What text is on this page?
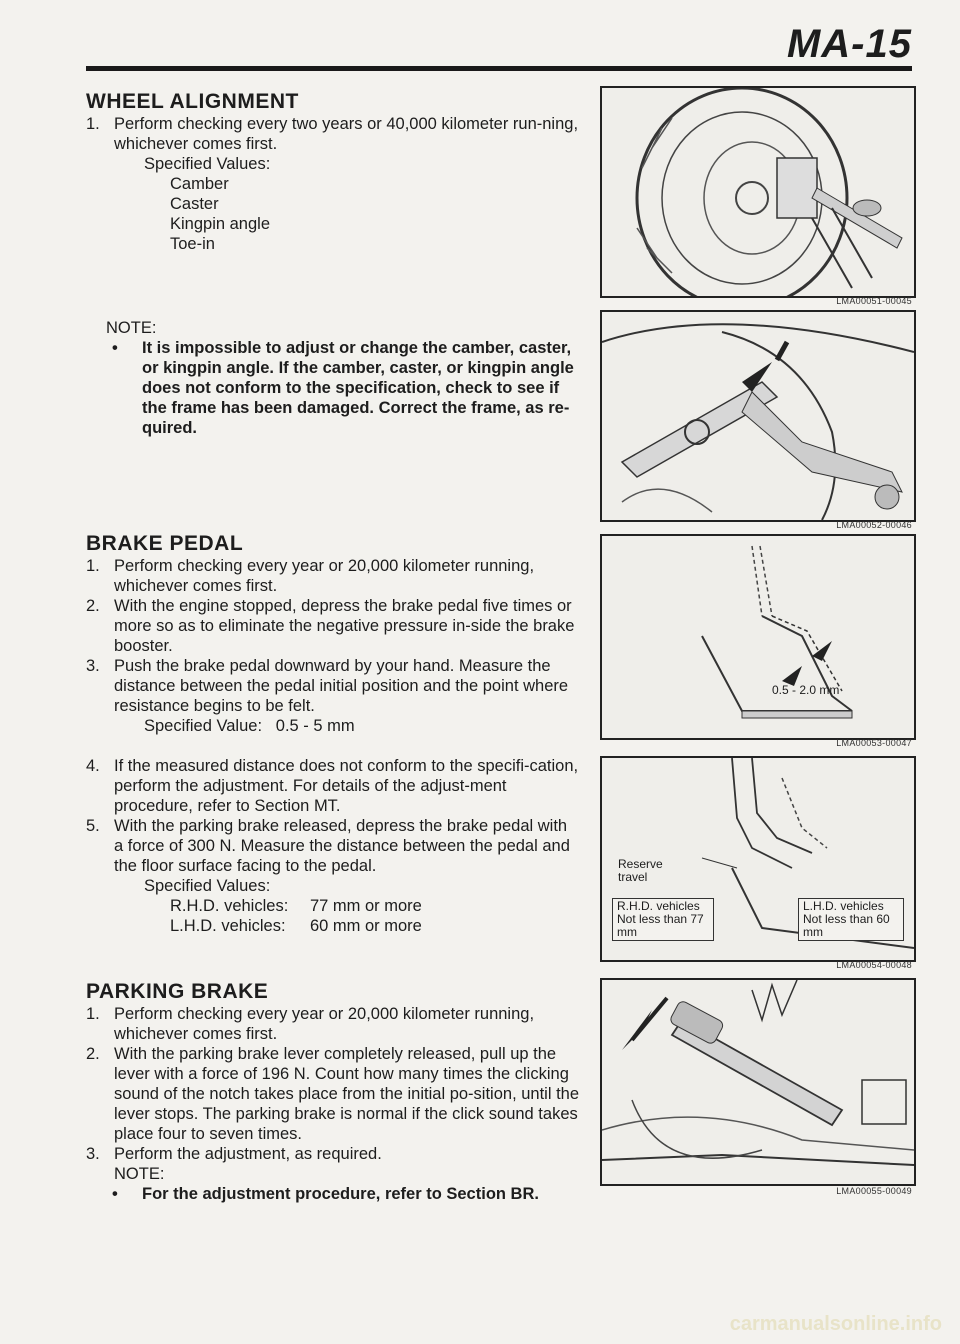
MA-15
WHEEL ALIGNMENT
1. Perform checking every two years or 40,000 kilometer run-ning, whichever comes first.
Specified Values:
Camber
Caster
Kingpin angle
Toe-in
NOTE:
• It is impossible to adjust or change the camber, caster, or kingpin angle. If the camber, caster, or kingpin angle does not conform to the specification, check to see if the frame has been damaged. Correct the frame, as re-quired.
BRAKE PEDAL
1. Perform checking every year or 20,000 kilometer running, whichever comes first.
2. With the engine stopped, depress the brake pedal five times or more so as to eliminate the negative pressure in-side the brake booster.
3. Push the brake pedal downward by your hand. Measure the distance between the pedal initial position and the point where resistance begins to be felt.
Specified Value:   0.5 - 5 mm
4. If the measured distance does not conform to the specifi-cation, perform the adjustment. For details of the adjust-ment procedure, refer to Section MT.
5. With the parking brake released, depress the brake pedal with a force of 300 N. Measure the distance between the pedal and the floor surface facing to the pedal.
Specified Values:
R.H.D. vehicles: 77 mm or more
L.H.D. vehicles: 60 mm or more
PARKING BRAKE
1. Perform checking every year or 20,000 kilometer running, whichever comes first.
2. With the parking brake lever completely released, pull up the lever with a force of 196 N. Count how many times the clicking sound of the notch takes place from the initial po-sition, until the lever stops. The parking brake is normal if the click sound takes place four to seven times.
3. Perform the adjustment, as required.
NOTE:
• For the adjustment procedure, refer to Section BR.
LMA00051-00045
LMA00052-00046
0.5 - 2.0 mm
LMA00053-00047
Reserve travel
R.H.D. vehicles Not less than 77 mm
L.H.D. vehicles Not less than 60 mm
LMA00054-00048
LMA00055-00049
carmanualsonline.info
